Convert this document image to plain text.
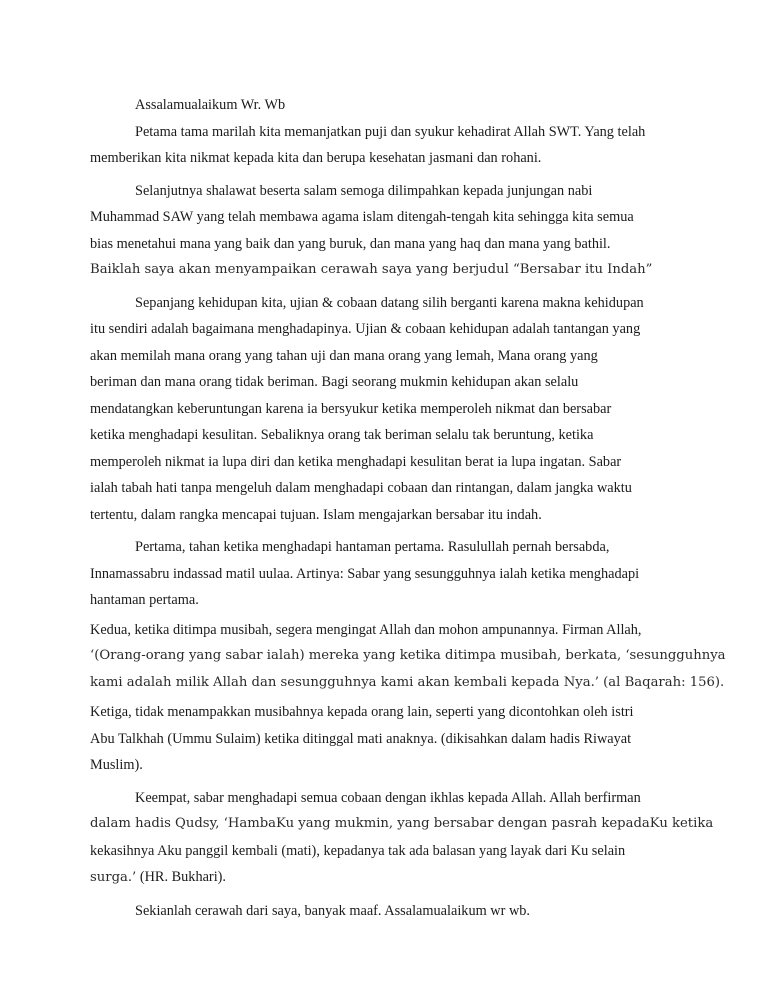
Assalamualaikum Wr. Wb

Petama tama marilah kita memanjatkan puji dan syukur kehadirat Allah SWT. Yang telah

memberikan kita nikmat kepada kita dan berupa kesehatan jasmani dan rohani.

Selanjutnya shalawat beserta salam semoga dilimpahkan kepada junjungan nabi

Muhammad SAW yang telah membawa agama islam ditengah-tengah kita sehingga kita semua

bias menetahui mana yang baik dan yang buruk, dan mana yang haq dan mana yang bathil.

Baiklah saya akan menyampaikan cerawah saya yang berjudul “Bersabar itu Indah”

Sepanjang kehidupan kita, ujian & cobaan datang silih berganti karena makna kehidupan

itu sendiri adalah bagaimana menghadapinya. Ujian & cobaan kehidupan adalah tantangan yang

akan memilah mana orang yang tahan uji dan mana orang yang lemah, Mana orang yang

beriman dan mana orang tidak beriman. Bagi seorang mukmin kehidupan akan selalu

mendatangkan keberuntungan karena ia bersyukur ketika memperoleh nikmat dan bersabar

ketika menghadapi kesulitan. Sebaliknya orang tak beriman selalu tak beruntung, ketika

memperoleh nikmat ia lupa diri dan ketika menghadapi kesulitan berat ia lupa ingatan. Sabar

ialah tabah hati tanpa mengeluh dalam menghadapi cobaan dan rintangan, dalam jangka waktu

tertentu, dalam rangka mencapai tujuan. Islam mengajarkan bersabar itu indah.

Pertama, tahan ketika menghadapi hantaman pertama. Rasulullah pernah bersabda,

Innamassabru indassad matil uulaa. Artinya: Sabar yang sesungguhnya ialah ketika menghadapi

hantaman pertama.

Kedua, ketika ditimpa musibah, segera mengingat Allah dan mohon ampunannya. Firman Allah,

‘(Orang-orang yang sabar ialah) mereka yang ketika ditimpa musibah, berkata, ‘sesungguhnya

kami adalah milik Allah dan sesungguhnya kami akan kembali kepada Nya.’ (al Baqarah: 156).

Ketiga, tidak menampakkan musibahnya kepada orang lain, seperti yang dicontohkan oleh istri

Abu Talkhah (Ummu Sulaim) ketika ditinggal mati anaknya. (dikisahkan dalam hadis Riwayat

Muslim).

Keempat, sabar menghadapi semua cobaan dengan ikhlas kepada Allah. Allah berfirman

dalam hadis Qudsy, ‘HambaKu yang mukmin, yang bersabar dengan pasrah kepadaKu ketika

kekasihnya Aku panggil kembali (mati), kepadanya tak ada balasan yang layak dari Ku selain

surga.’ (HR. Bukhari).

Sekianlah cerawah dari saya, banyak maaf. Assalamualaikum wr wb.
